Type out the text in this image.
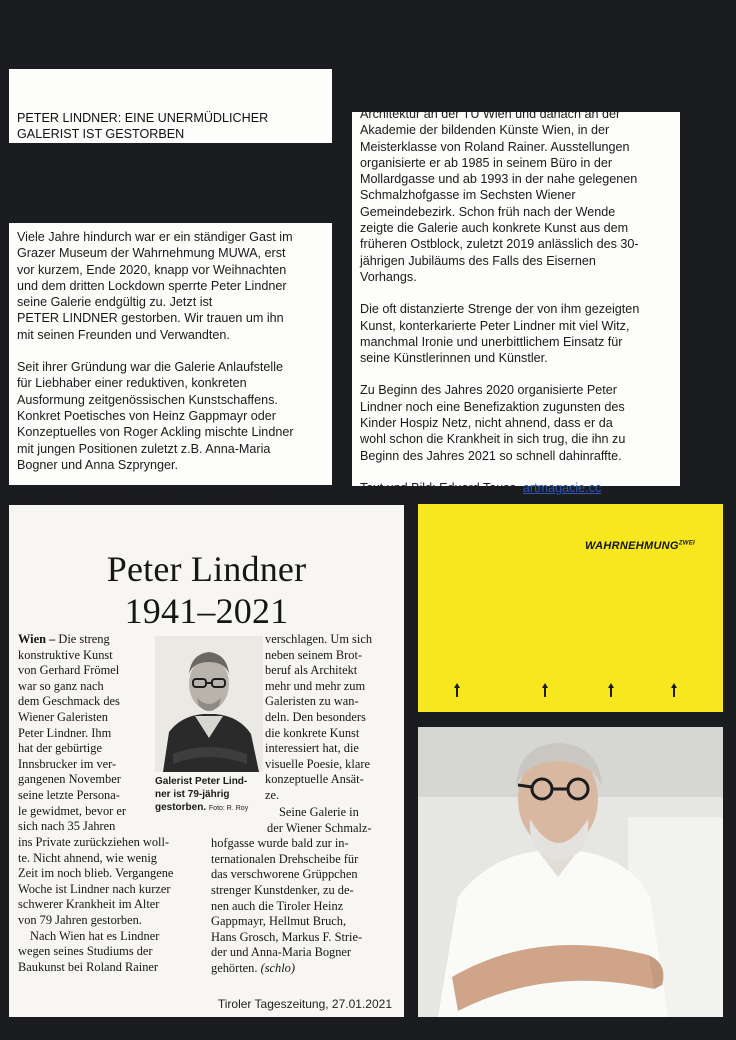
PETER LINDNER: EINE UNERMÜDLICHER
GALERIST IST GESTORBEN

Viele Jahre hindurch war er ein ständiger Gast im

Grazer Museum der Wahrnehmung MUWA, erst

vor kurzem, Ende 2020, knapp vor Weihnachten

und dem dritten Lockdown sperrte Peter Lindner

seine Galerie endgültig zu. Jetzt ist

PETER LINDNER gestorben. Wir trauen um ihn

mit seinen Freunden und Verwandten.

Seit ihrer Gründung war die Galerie Anlaufstelle

für Liebhaber einer reduktiven, konkreten

Ausformung zeitgenössischen Kunstschaffens.

Konkret Poetisches von Heinz Gappmayr oder

Konzeptuelles von Roger Ackling mischte Lindner

mit jungen Positionen zuletzt z.B. Anna-Maria

Bogner und Anna Szprynger.

1941 in Tirol geboren, studierte Peter Lindner

Architektur an der TU Wien und danach an der

Akademie der bildenden Künste Wien, in der

Meisterklasse von Roland Rainer. Ausstellungen

organisierte er ab 1985 in seinem Büro in der

Mollardgasse und ab 1993 in der nahe gelegenen

Schmalzhofgasse im Sechsten Wiener

Gemeindebezirk. Schon früh nach der Wende

zeigte die Galerie auch konkrete Kunst aus dem

früheren Ostblock, zuletzt 2019 anlässlich des 30-

jährigen Jubiläums des Falls des Eisernen

Vorhangs.

Die oft distanzierte Strenge der von ihm gezeigten

Kunst, konterkarierte Peter Lindner mit viel Witz,

manchmal Ironie und unerbittlichem Einsatz für

seine Künstlerinnen und Künstler.

Zu Beginn des Jahres 2020 organisierte Peter

Lindner noch eine Benefizaktion zugunsten des

Kinder Hospiz Netz, nicht ahnend, dass er da

wohl schon die Krankheit in sich trug, die ihn zu

Beginn des Jahres 2021 so schnell dahinraffte.

Text und Bild: Eduard Tauss, artmagacie.cc,

Text

Peter Lindner
1941–2021

Wien – Die streng

konstruktive Kunst

von Gerhard Frömel

war so ganz nach

dem Geschmack des

Wiener Galeristen

Peter Lindner. Ihm

hat der gebürtige

Innsbrucker im ver-

gangenen November

seine letzte Persona-

le gewidmet, bevor er

sich nach 35 Jahren

ins Private zurückziehen woll-

te. Nicht ahnend, wie wenig

Zeit im noch blieb. Vergangene

Woche ist Lindner nach kurzer

schwerer Krankheit im Alter

von 79 Jahren gestorben.

Nach Wien hat es Lindner

wegen seines Studiums der

Baukunst bei Roland Rainer

Galerist Peter Lind-
ner ist 79-jährig
gestorben. Foto: R. Roy

verschlagen. Um sich

neben seinem Brot-

beruf als Architekt

mehr und mehr zum

Galeristen zu wan-

deln. Den besonders

die konkrete Kunst

interessiert hat, die

visuelle Poesie, klare

konzeptuelle Ansät-

ze.

Seine Galerie in

der Wiener Schmalz-

hofgasse wurde bald zur in-

ternationalen Drehscheibe für

das verschworene Grüppchen

strenger Kunstdenker, zu de-

nen auch die Tiroler Heinz

Gappmayr, Hellmut Bruch,

Hans Grosch, Markus F. Strie-

der und Anna-Maria Bogner

gehörten. (schlo)

Tiroler Tageszeitung, 27.01.2021
$WAHRNEHMUNG^{ZWEI}$
